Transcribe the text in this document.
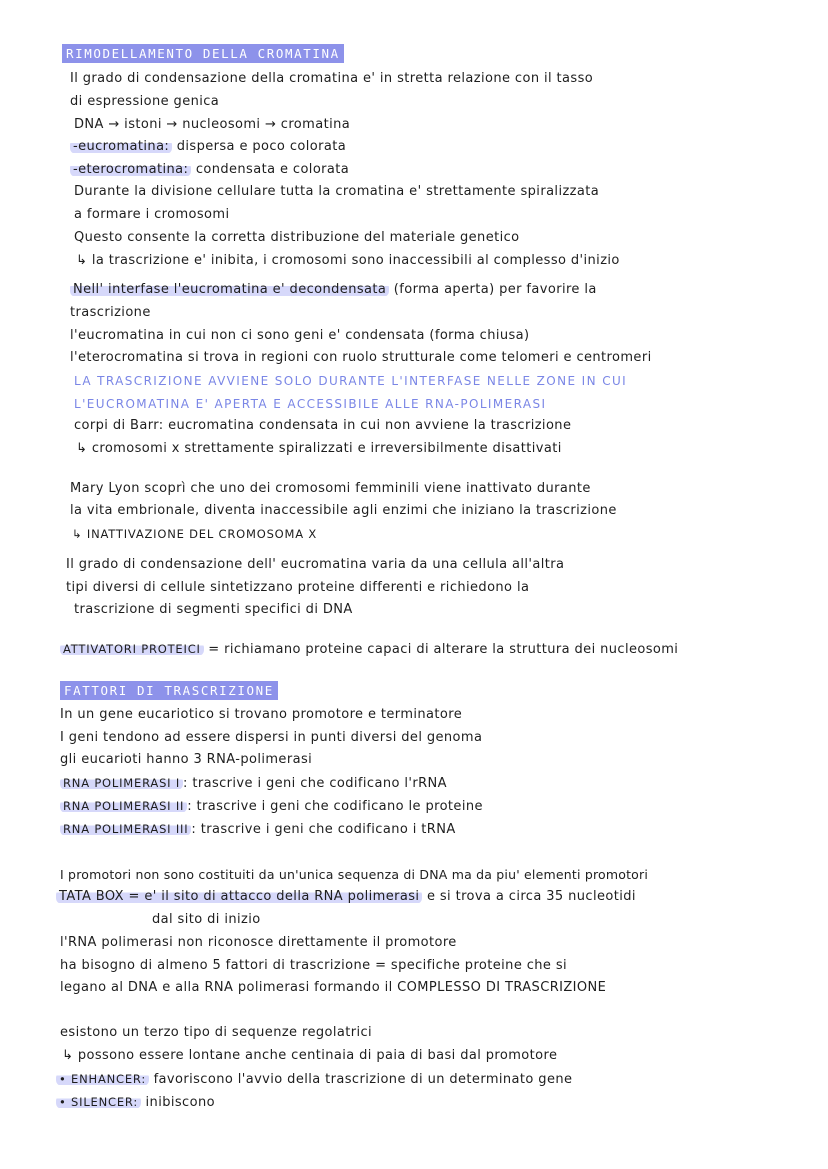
RIMODELLAMENTO DELLA CROMATINA
Il grado di condensazione della cromatina e' in stretta relazione con il tasso
di espressione genica
DNA → istoni → nucleosomi → cromatina
-eucromatina: dispersa e poco colorata
-eterocromatina: condensata e colorata
Durante la divisione cellulare tutta la cromatina e' strettamente spiralizzata
a formare i cromosomi
Questo consente la corretta distribuzione del materiale genetico
↳ la trascrizione e' inibita, i cromosomi sono inaccessibili al complesso d'inizio
Nell' interfase l'eucromatina e' decondensata (forma aperta) per favorire la
trascrizione
l'eucromatina in cui non ci sono geni e' condensata (forma chiusa)
l'eterocromatina si trova in regioni con ruolo strutturale come telomeri e centromeri
LA TRASCRIZIONE AVVIENE SOLO DURANTE L'INTERFASE NELLE ZONE IN CUI
L'EUCROMATINA E' APERTA E ACCESSIBILE ALLE RNA-POLIMERASI
corpi di Barr: eucromatina condensata in cui non avviene la trascrizione
↳ cromosomi x strettamente spiralizzati e irreversibilmente disattivati
Mary Lyon scoprì che uno dei cromosomi femminili viene inattivato durante
la vita embrionale, diventa inaccessibile agli enzimi che iniziano la trascrizione
↳ INATTIVAZIONE DEL CROMOSOMA X
Il grado di condensazione dell' eucromatina varia da una cellula all'altra
tipi diversi di cellule sintetizzano proteine differenti e richiedono la
trascrizione di segmenti specifici di DNA
ATTIVATORI PROTEICI = richiamano proteine capaci di alterare la struttura dei nucleosomi
FATTORI DI TRASCRIZIONE
In un gene eucariotico si trovano promotore e terminatore
I geni tendono ad essere dispersi in punti diversi del genoma
gli eucarioti hanno 3 RNA-polimerasi
RNA POLIMERASI I : trascrive i geni che codificano l'rRNA
RNA POLIMERASI II : trascrive i geni che codificano le proteine
RNA POLIMERASI III : trascrive i geni che codificano i tRNA
I promotori non sono costituiti da un'unica sequenza di DNA ma da piu' elementi promotori
TATA BOX = e' il sito di attacco della RNA polimerasi e si trova a circa 35 nucleotidi
dal sito di inizio
l'RNA polimerasi non riconosce direttamente il promotore
ha bisogno di almeno 5 fattori di trascrizione = specifiche proteine che si
legano al DNA e alla RNA polimerasi formando il COMPLESSO DI TRASCRIZIONE
esistono un terzo tipo di sequenze regolatrici
↳ possono essere lontane anche centinaia di paia di basi dal promotore
• ENHANCER: favoriscono l'avvio della trascrizione di un determinato gene
• SILENCER: inibiscono
